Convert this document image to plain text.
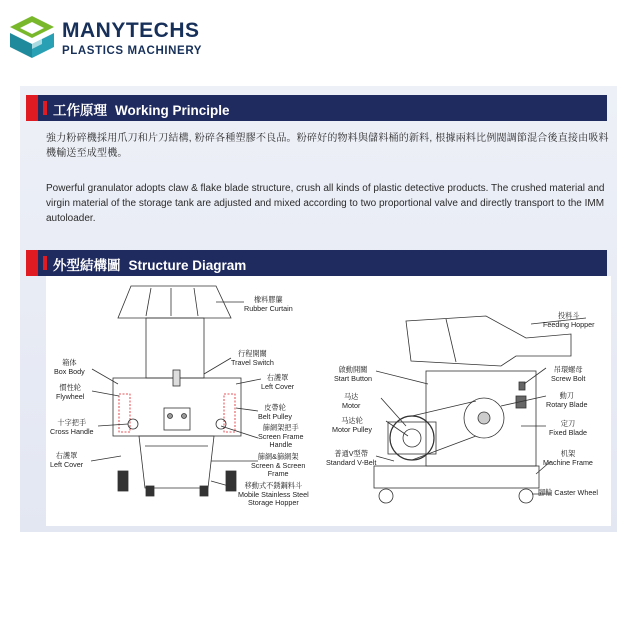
MANYTECHS
PLASTICS MACHINERY
工作原理 Working Principle
強力粉碎機採用爪刀和片刀結構, 粉碎各種塑膠不良品。粉碎好的物料與儲料桶的新料, 根據兩料比例閥調節混合後直接由吸料機輸送至成型機。
Powerful granulator adopts claw & flake blade structure, crush all kinds of plastic detective products. The crushed material and virgin material of the storage tank are adjusted and mixed according to two proportional valve and directly transport to the IMM autoloader.
外型結構圖 Structure Diagram
橡料膠簾
Rubber Curtain
行程開關
Travel Switch
箱体
Box Body
慣性轮
Flywheel
右護罩
Left Cover
皮帶轮
Belt Pulley
十字把手
Cross Handle	篩網架把手
Screen Frame
Handle
右護罩
Left Cover
篩網&篩網架
Screen & Screen
Frame
移動式不銹鋼料斗
Mobile Stainless Steel
Storage Hopper
投料斗
Feeding Hopper
啟動開關
Start Button
吊環螺母
Screw Bolt
马达
Motor
動刀
Rotary Blade
马达轮
Motor Pulley
定刀
Fixed Blade
普通V型帶
Standard V-Belt
机架
Machine Frame
腳輪 Caster Wheel
